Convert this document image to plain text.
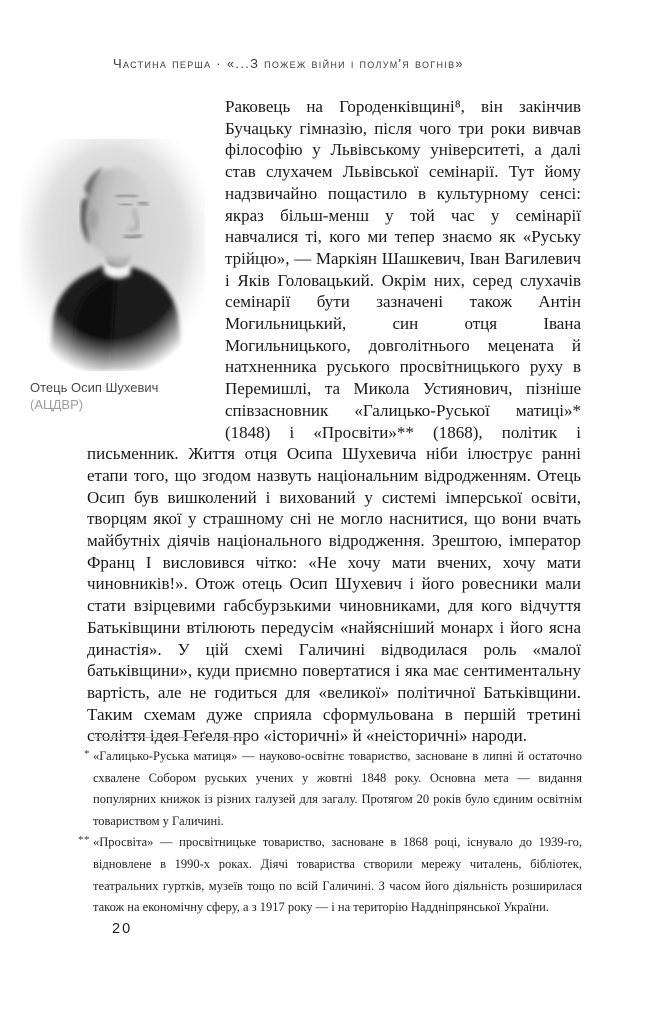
Частина перша · «...З пожеж війни і полум'я вогнів»
Отець Осип Шухевич
(АЦДВР)

Раковець на Городенківщині⁸, він закінчив Бучацьку гімназію, після чого три роки вивчав філософію у Львівському університеті, а далі став слухачем Львівської семінарії. Тут йому надзвичайно пощастило в культурному сенсі: якраз більш-менш у той час у семінарії навчалися ті, кого ми тепер знаємо як «Руську трійцю», — Маркіян Шашкевич, Іван Вагилевич і Яків Головацький. Окрім них, серед слухачів семінарії бути зазначені також Антін Могильницький, син отця Івана Могильницького, довголітнього мецената й натхненника руського просвітницького руху в Перемишлі, та Микола Устиянович, пізніше співзасновник «Галицько-Руської матиці»* (1848) і «Просвіти»** (1868), політик і письменник. Життя отця Осипа Шухевича ніби ілюструє ранні етапи того, що згодом назвуть національним відродженням. Отець Осип був вишколений і вихований у системі імперської освіти, творцям якої у страшному сні не могло наснитися, що вони вчать майбутніх діячів національного відродження. Зрештою, імператор Франц І висловився чітко: «Не хочу мати вчених, хочу мати чиновників!». Отож отець Осип Шухевич і його ровесники мали стати взірцевими габсбурзькими чиновниками, для кого відчуття Батьківщини втілюють передусім «найясніший монарх і його ясна династія». У цій схемі Галичині відводилася роль «малої батьківщини», куди приємно повертатися і яка має сентиментальну вартість, але не годиться для «великої» політичної Батьківщини. Таким схемам дуже сприяла сформульована в першій третині століття ідея Геґеля про «історичні» й «неісторичні» народи.

* «Галицько-Руська матиця» — науково-освітнє товариство, засноване в липні й остаточно схвалене Собором руських учених у жовтні 1848 року. Основна мета — видання популярних книжок із різних галузей для загалу. Протягом 20 років було єдиним освітнім товариством у Галичині.
** «Просвіта» — просвітницьке товариство, засноване в 1868 році, існувало до 1939-го, відновлене в 1990-х роках. Діячі товариства створили мережу читалень, бібліотек, театральних гуртків, музеїв тощо по всій Галичині. З часом його діяльність розширилася також на економічну сферу, а з 1917 року — і на територію Наддніпрянської України.
20
